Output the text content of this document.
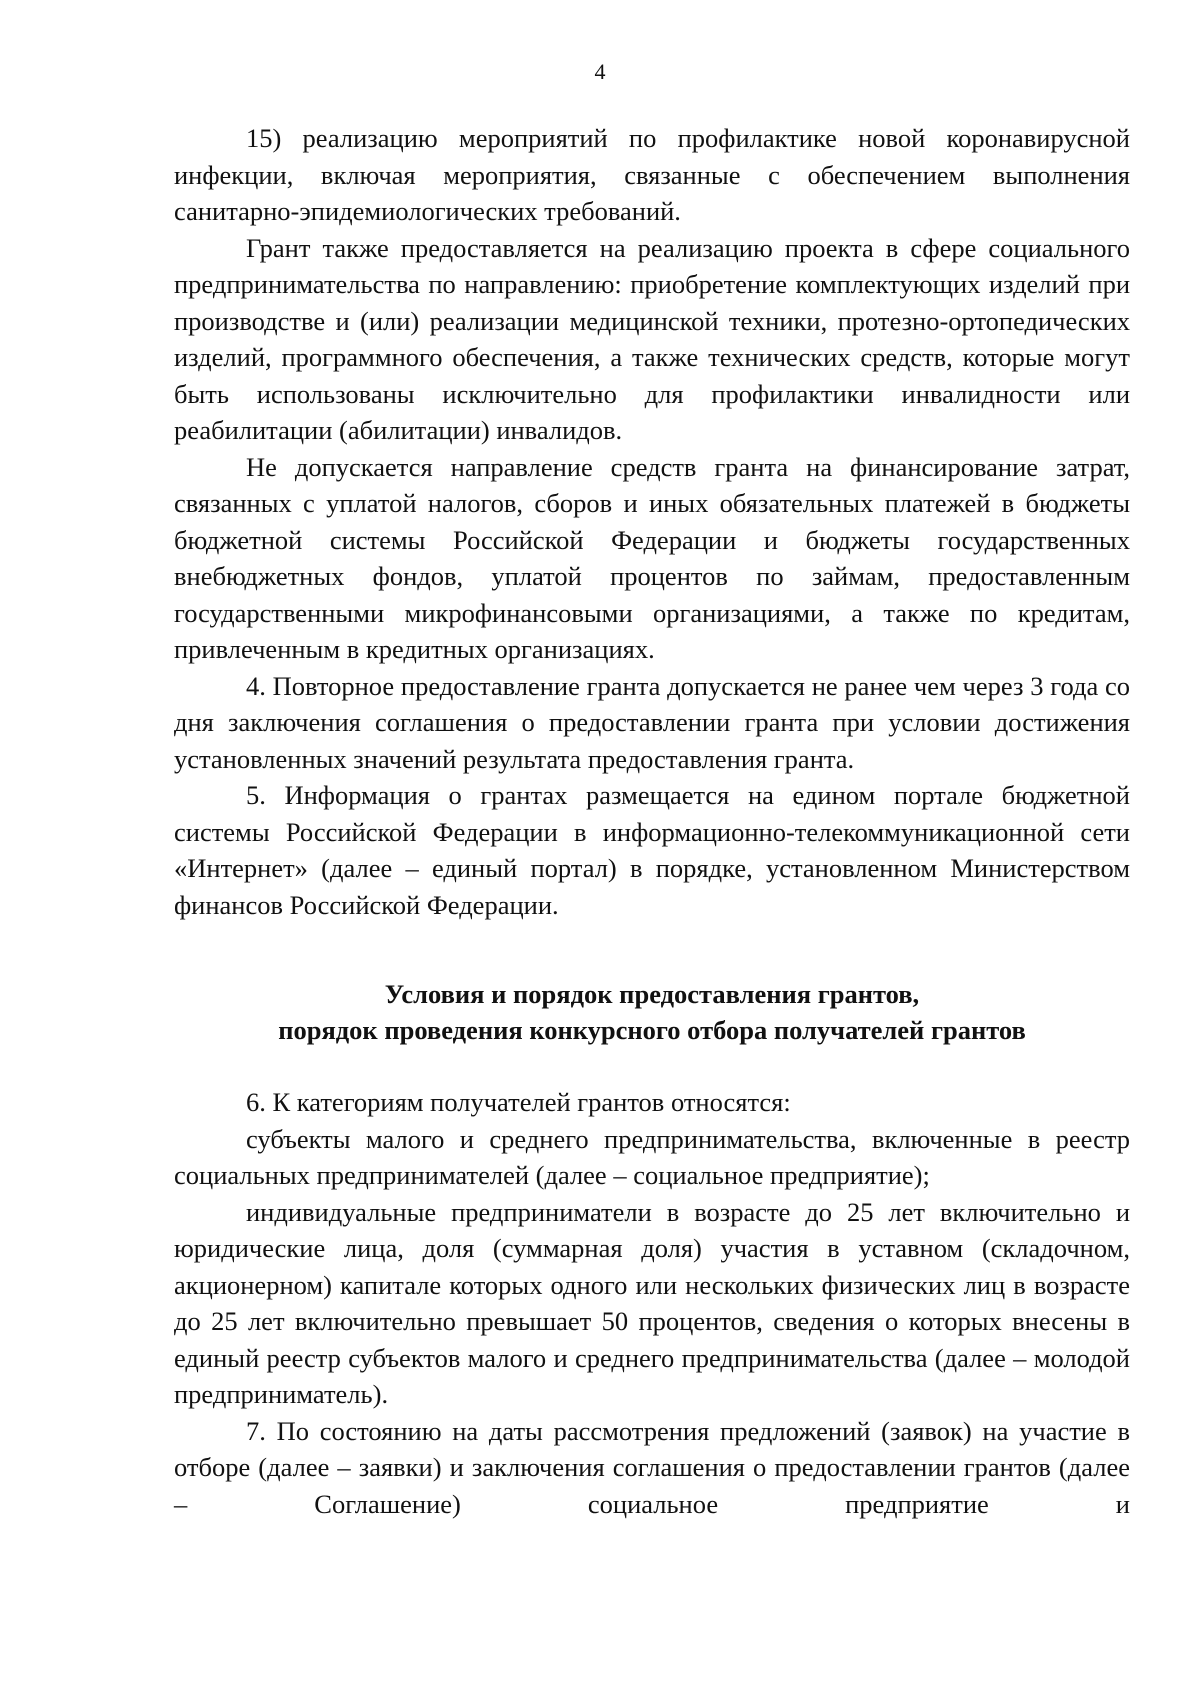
4

15) реализацию мероприятий по профилактике новой коронавирусной инфекции, включая мероприятия, связанные с обеспечением выполнения санитарно-эпидемиологических требований.

Грант также предоставляется на реализацию проекта в сфере социального предпринимательства по направлению: приобретение комплектующих изделий при производстве и (или) реализации медицинской техники, протезно-ортопедических изделий, программного обеспечения, а также технических средств, которые могут быть использованы исключительно для профилактики инвалидности или реабилитации (абилитации) инвалидов.

Не допускается направление средств гранта на финансирование затрат, связанных с уплатой налогов, сборов и иных обязательных платежей в бюджеты бюджетной системы Российской Федерации и бюджеты государственных внебюджетных фондов, уплатой процентов по займам, предоставленным государственными микрофинансовыми организациями, а также по кредитам, привлеченным в кредитных организациях.

4. Повторное предоставление гранта допускается не ранее чем через 3 года со дня заключения соглашения о предоставлении гранта при условии достижения установленных значений результата предоставления гранта.

5. Информация о грантах размещается на едином портале бюджетной системы Российской Федерации в информационно-телекоммуникационной сети «Интернет» (далее – единый портал) в порядке, установленном Министерством финансов Российской Федерации.

Условия и порядок предоставления грантов,
порядок проведения конкурсного отбора получателей грантов

6. К категориям получателей грантов относятся:

субъекты малого и среднего предпринимательства, включенные в реестр социальных предпринимателей (далее – социальное предприятие);

индивидуальные предприниматели в возрасте до 25 лет включительно и юридические лица, доля (суммарная доля) участия в уставном (складочном, акционерном) капитале которых одного или нескольких физических лиц в возрасте до 25 лет включительно превышает 50 процентов, сведения о которых внесены в единый реестр субъектов малого и среднего предпринимательства (далее – молодой предприниматель).

7. По состоянию на даты рассмотрения предложений (заявок) на участие в отборе (далее – заявки) и заключения соглашения о предоставлении грантов (далее – Соглашение) социальное предприятие и
